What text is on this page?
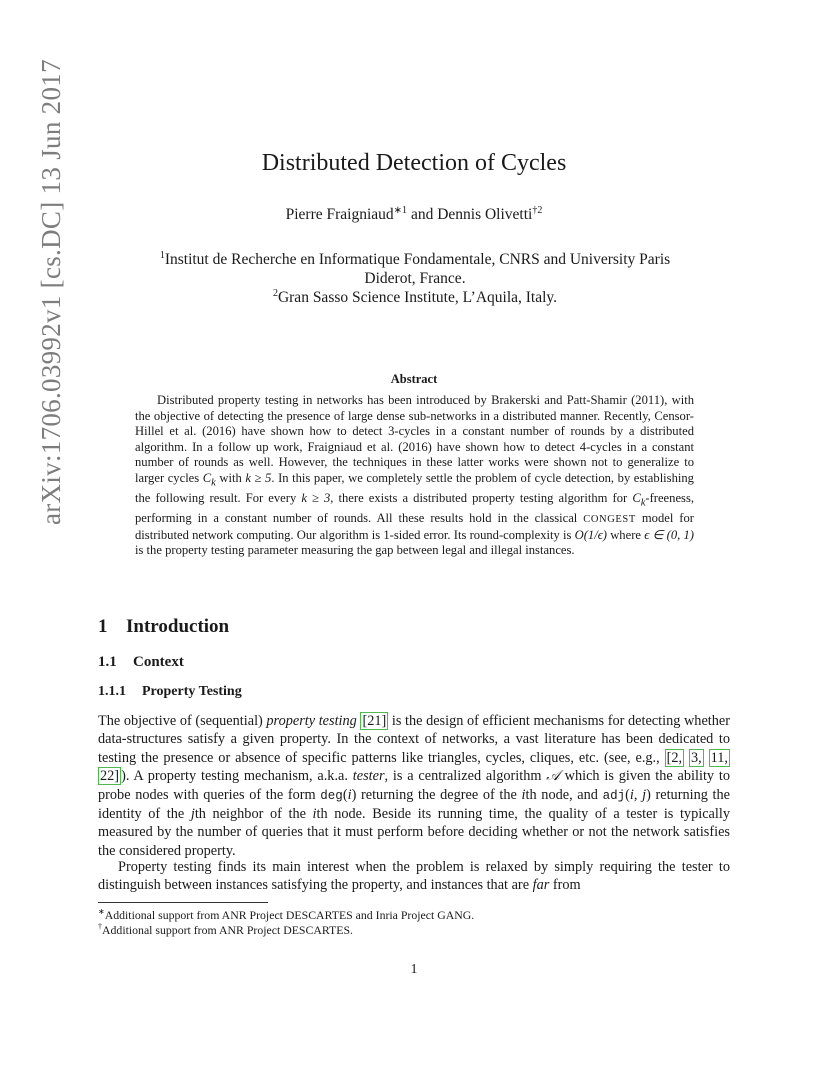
arXiv:1706.03992v1 [cs.DC] 13 Jun 2017	Distributed Detection of Cycles
Pierre Fraigniaud$^{∗1}$ and Dennis Olivetti$^{\dagger 2}$
$^1$Institut de Recherche en Informatique Fondamentale, CNRS and University Paris
Diderot, France.
$^2$Gran Sasso Science Institute, L’Aquila, Italy.
Abstract

Distributed property testing in networks has been introduced by Brakerski and Patt-Shamir (2011), with the objective of detecting the presence of large dense sub-networks in a distributed manner. Recently, Censor-Hillel et al. (2016) have shown how to detect 3-cycles in a constant number of rounds by a distributed algorithm. In a follow up work, Fraigniaud et al. (2016) have shown how to detect 4-cycles in a constant number of rounds as well. However, the techniques in these latter works were shown not to generalize to larger cycles $C_k$ with k ≥ 5. In this paper, we completely settle the problem of cycle detection, by establishing the following result. For every k ≥ 3, there exists a distributed property testing algorithm for $C_k$-freeness, performing in a constant number of rounds. All these results hold in the classical CONGEST model for distributed network computing. Our algorithm is 1-sided error. Its round-complexity is O(1/ϵ) where ϵ ∈ (0, 1) is the property testing parameter measuring the gap between legal and illegal instances.

1 Introduction
1.1 Context
1.1.1 Property Testing

The objective of (sequential) property testing [21] is the design of efficient mechanisms for detecting whether data-structures satisfy a given property. In the context of networks, a vast literature has been dedicated to testing the presence or absence of specific patterns like triangles, cycles, cliques, etc. (see, e.g., [2, 3, 11, 22] ). A property testing mechanism, a.k.a. tester, is a centralized algorithm 𝒜 which is given the ability to probe nodes with queries of the form deg(i) returning the degree of the ith node, and adj(i, j) returning the identity of the jth neighbor of the ith node. Beside its running time, the quality of a tester is typically measured by the number of queries that it must perform before deciding whether or not the network satisfies the considered property.

Property testing finds its main interest when the problem is relaxed by simply requiring the tester to distinguish between instances satisfying the property, and instances that are far from

∗Additional support from ANR Project DESCARTES and Inria Project GANG.
†Additional support from ANR Project DESCARTES.
1
